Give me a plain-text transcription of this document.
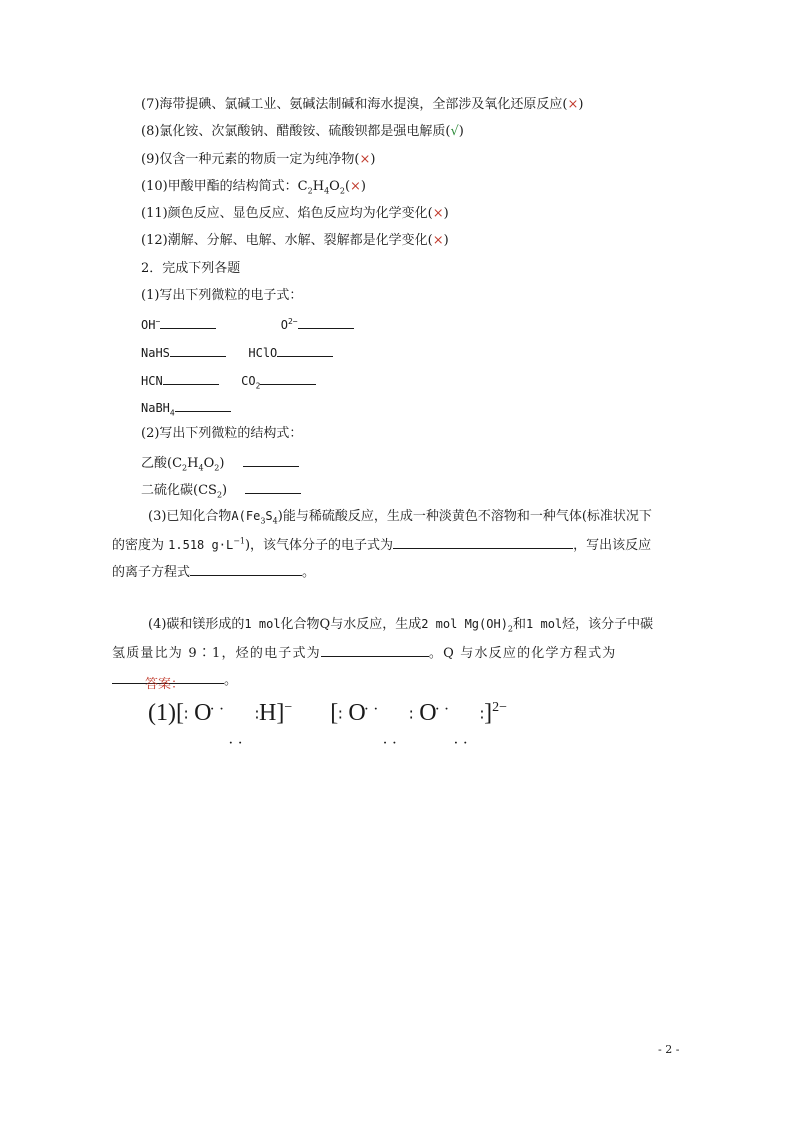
(7)海带提碘、氯碱工业、氨碱法制碱和海水提溴，全部涉及氧化还原反应(×)
(8)氯化铵、次氯酸钠、醋酸铵、硫酸钡都是强电解质(√)
(9)仅含一种元素的物质一定为纯净物(×)
(10)甲酸甲酯的结构简式：$C_2H_4O_2(\times)$
(11)颜色反应、显色反应、焰色反应均为化学变化(×)
(12)潮解、分解、电解、水解、裂解都是化学变化(×)
2．完成下列各题
(1)写出下列微粒的电子式：
OH−	$O^{2-}$
NaHS	HClO
HCN	$CO_2$
NaBH$_4$
(2)写出下列微粒的结构式：
乙酸$(C_2H_4O_2)$
二硫化碳$(CS_2)$
(3)已知化合物$A(Fe_3S_4)$能与稀硫酸反应，生成一种淡黄色不溶物和一种气体(标准状况下
的密度为 1.518 $g\cdot L^{-1}$)，该气体分子的电子式为	，写出该反应
的离子方程式	。
(4)碳和镁形成的1 mol化合物Q与水反应，生成2 mol $Mg(OH)_2$和1 mol烃，该分子中碳
氢质量比为 9∶1，烃的电子式为	。Q 与水反应的化学方程式为
。
答案：
(1)[∶ $O^{\cdot\cdot}_{\cdot\cdot}∶H]^-$ [∶ $O^{\cdot\cdot}_{\cdot\cdot}∶$ $O^{\cdot\cdot}_{\cdot\cdot}∶]^{2-}$
- 2 -
